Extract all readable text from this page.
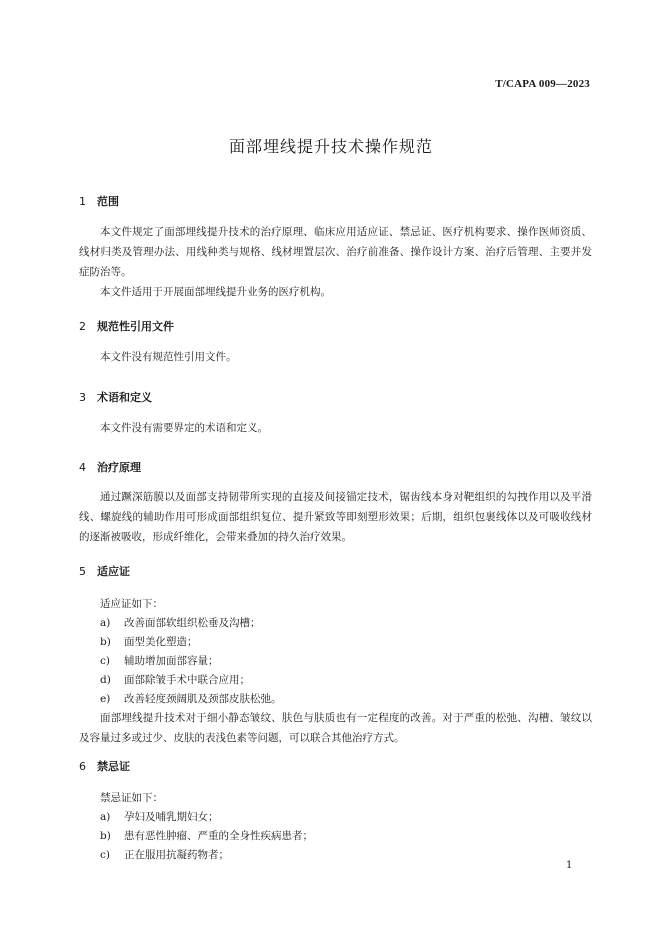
T/CAPA 009—2023
面部埋线提升技术操作规范
1 范围
本文件规定了面部埋线提升技术的治疗原理、临床应用适应证、禁忌证、医疗机构要求、操作医师资质、线材归类及管理办法、用线种类与规格、线材埋置层次、治疗前准备、操作设计方案、治疗后管理、主要并发症防治等。
本文件适用于开展面部埋线提升业务的医疗机构。
2 规范性引用文件
本文件没有规范性引用文件。
3 术语和定义
本文件没有需要界定的术语和定义。
4 治疗原理
通过蹶深筋膜以及面部支持韧带所实现的直接及间接锚定技术，锯齿线本身对靶组织的勾拽作用以及平滑线、螺旋线的辅助作用可形成面部组织复位、提升紧致等即刻塑形效果；后期，组织包裹线体以及可吸收线材的逐渐被吸收，形成纤维化，会带来叠加的持久治疗效果。
5 适应证
适应证如下：
a) 改善面部软组织松垂及沟槽；
b) 面型美化塑造；
c) 辅助增加面部容量；
d) 面部除皱手术中联合应用；
e) 改善轻度颈阔肌及颈部皮肤松弛。
面部埋线提升技术对于细小静态皱纹、肤色与肤质也有一定程度的改善。对于严重的松弛、沟槽、皱纹以及容量过多或过少、皮肤的表浅色素等问题，可以联合其他治疗方式。
6 禁忌证
禁忌证如下：
a) 孕妇及哺乳期妇女；
b) 患有恶性肿瘤、严重的全身性疾病患者；
c) 正在服用抗凝药物者；
1
